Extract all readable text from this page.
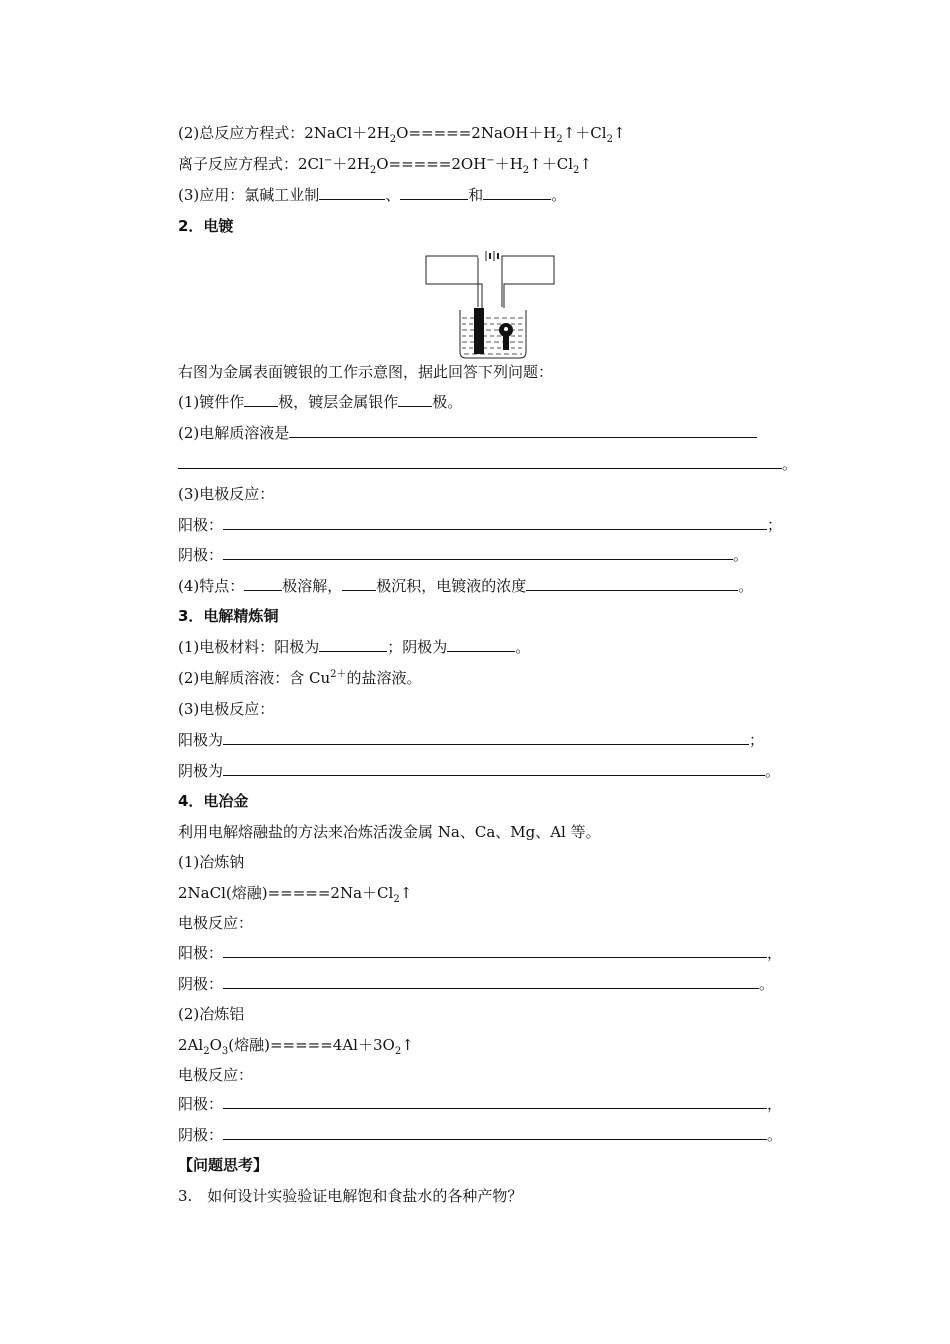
(2)总反应方程式：$2NaCl+2H_2O=====2NaOH+H_2↑+Cl_2↑$
离子反应方程式：$2Cl^-+2H_2O=====2OH^-+H_2↑+Cl_2↑$
(3)应用：氯碱工业制	、	和	。
2．电镀
右图为金属表面镀银的工作示意图，据此回答下列问题：
(1)镀件作 极，镀层金属银作 极。
(2)电解质溶液是
。
(3)电极反应：
阳极：	；
阴极：	。
(4)特点：	极溶解， 极沉积，电镀液的浓度	。
3．电解精炼铜
(1)电极材料：阳极为	；阴极为	。
(2)电解质溶液：含 $Cu^{2+}$的盐溶液。
(3)电极反应：
阳极为	；
阴极为	。
4．电冶金
利用电解熔融盐的方法来冶炼活泼金属 Na、Ca、Mg、Al 等。
(1)冶炼钠
2NaCl(熔融)$=====2Na+Cl_2↑$
电极反应：
阳极：	，
阴极：	。
(2)冶炼铝
$2Al_2O_3$(熔融)$=====4Al+3O_2↑$
电极反应：
阳极：	，
阴极：	。
【问题思考】
3.　如何设计实验验证电解饱和食盐水的各种产物？
